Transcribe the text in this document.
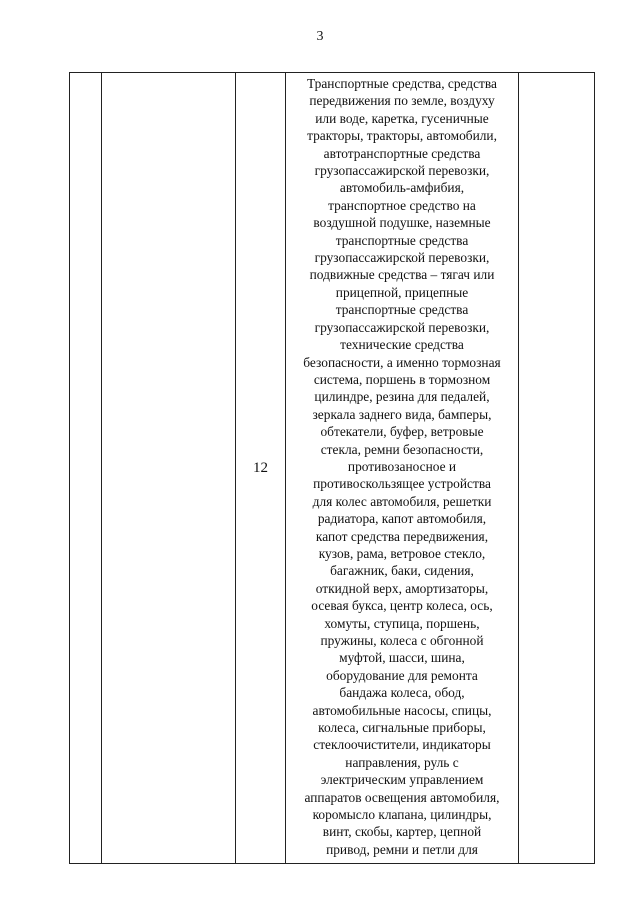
3
		12	
Транспортные средства, средства
передвижения по земле, воздуху
или воде, каретка, гусеничные
тракторы, тракторы, автомобили,
автотранспортные средства
грузопассажирской перевозки,
автомобиль-амфибия,
транспортное средство на
воздушной подушке, наземные
транспортные средства
грузопассажирской перевозки,
подвижные средства – тягач или
прицепной, прицепные
транспортные средства
грузопассажирской перевозки,
технические средства
безопасности, а именно тормозная
система, поршень в тормозном
цилиндре, резина для педалей,
зеркала заднего вида, бамперы,
обтекатели, буфер, ветровые
стекла, ремни безопасности,
противозаносное и
противоскользящее устройства
для колес автомобиля, решетки
радиатора, капот автомобиля,
капот средства передвижения,
кузов, рама, ветровое стекло,
багажник, баки, сидения,
откидной верх, амортизаторы,
осевая букса, центр колеса, ось,
хомуты, ступица, поршень,
пружины, колеса с обгонной
муфтой, шасси, шина,
оборудование для ремонта
бандажа колеса, обод,
автомобильные насосы, спицы,
колеса, сигнальные приборы,
стеклоочистители, индикаторы
направления, руль с
электрическим управлением
аппаратов освещения автомобиля,
коромысло клапана, цилиндры,
винт, скобы, картер, цепной
привод, ремни и петли для
